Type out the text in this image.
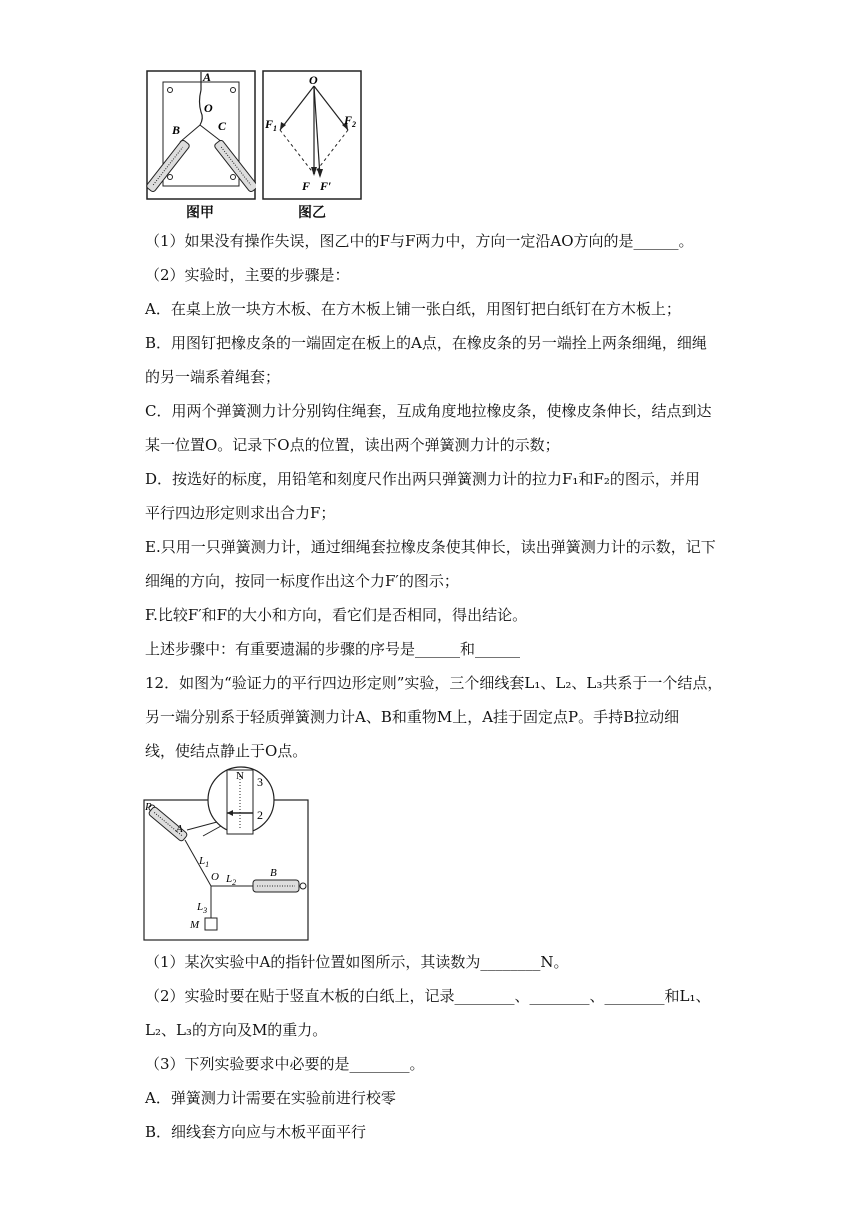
A
O
B	C
图甲
O
$F_1$
$F_2$
F F′
图乙
（1）如果没有操作失误，图乙中的F与F两力中，方向一定沿AO方向的是______。
（2）实验时，主要的步骤是：
A．在桌上放一块方木板、在方木板上铺一张白纸，用图钉把白纸钉在方木板上；
B．用图钉把橡皮条的一端固定在板上的A点，在橡皮条的另一端拴上两条细绳，细绳
的另一端系着绳套；
C．用两个弹簧测力计分别钩住绳套，互成角度地拉橡皮条，使橡皮条伸长，结点到达
某一位置O。记录下O点的位置，读出两个弹簧测力计的示数；
D．按选好的标度，用铅笔和刻度尺作出两只弹簧测力计的拉力F₁和F₂的图示，并用
平行四边形定则求出合力F；
E.只用一只弹簧测力计，通过细绳套拉橡皮条使其伸长，读出弹簧测力计的示数，记下
细绳的方向，按同一标度作出这个力F′的图示；
F.比较F′和F的大小和方向，看它们是否相同，得出结论。
上述步骤中：有重要遗漏的步骤的序号是______和______
12．如图为“验证力的平行四边形定则”实验，三个细线套L₁、L₂、L₃共系于一个结点，
另一端分别系于轻质弹簧测力计A、B和重物M上，A挂于固定点P。手持B拉动细
线，使结点静止于O点。
N 3
2
P
A
$L_1$
O $L_2$
B
$L_3$
M
（1）某次实验中A的指针位置如图所示，其读数为________N。
（2）实验时要在贴于竖直木板的白纸上，记录________、________、________和L₁、
L₂、L₃的方向及M的重力。
（3）下列实验要求中必要的是________。
A．弹簧测力计需要在实验前进行校零
B．细线套方向应与木板平面平行
